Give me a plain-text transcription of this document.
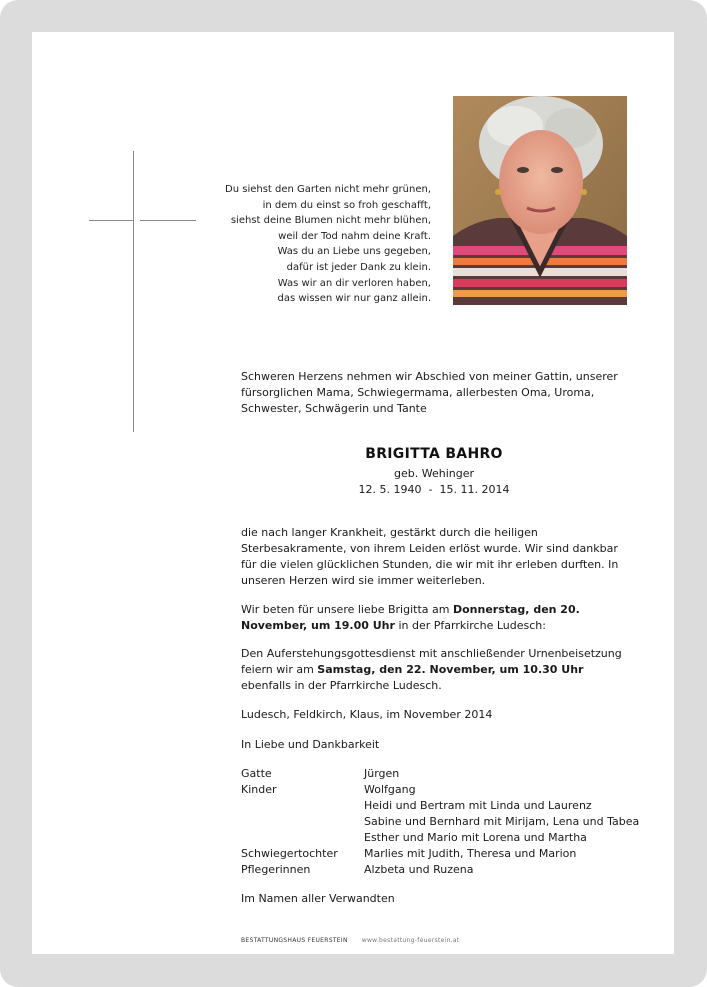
Du siehst den Garten nicht mehr grünen,
in dem du einst so froh geschafft,
siehst deine Blumen nicht mehr blühen,
weil der Tod nahm deine Kraft.
Was du an Liebe uns gegeben,
dafür ist jeder Dank zu klein.
Was wir an dir verloren haben,
das wissen wir nur ganz allein.
Schweren Herzens nehmen wir Abschied von meiner Gattin, unserer fürsorglichen Mama, Schwiegermama, allerbesten Oma, Uroma, Schwester, Schwägerin und Tante
BRIGITTA BAHRO
geb. Wehinger
12. 5. 1940  -  15. 11. 2014
die nach langer Krankheit, gestärkt durch die heiligen Sterbesakramente, von ihrem Leiden erlöst wurde. Wir sind dankbar für die vielen glücklichen Stunden, die wir mit ihr erleben durften. In unseren Herzen wird sie immer weiterleben.
Wir beten für unsere liebe Brigitta am Donnerstag, den 20. November, um 19.00 Uhr in der Pfarrkirche Ludesch:
Den Auferstehungsgottesdienst mit anschließender Urnenbeisetzung feiern wir am Samstag, den 22. November, um 10.30 Uhr ebenfalls in der Pfarrkirche Ludesch.
Ludesch, Feldkirch, Klaus, im November 2014
In Liebe und Dankbarkeit
Gatte	Jürgen
Kinder	Wolfgang
Heidi und Bertram mit Linda und Laurenz
Sabine und Bernhard mit Mirijam, Lena und Tabea
Esther und Mario mit Lorena und Martha
Schwiegertochter	Marlies mit Judith, Theresa und Marion
Pflegerinnen	Alzbeta und Ruzena
Im Namen aller Verwandten
BESTATTUNGSHAUS FEUERSTEIN www.bestattung-feuerstein.at
